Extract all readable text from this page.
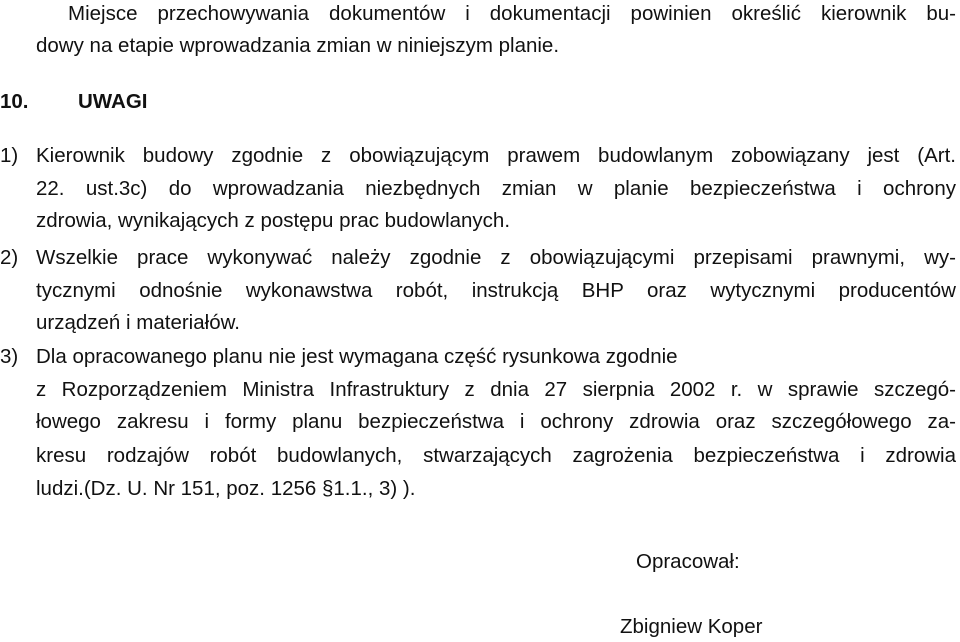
Miejsce przechowywania dokumentów i dokumentacji powinien określić kierownik bu-
dowy na etapie wprowadzania zmian w niniejszym planie.
10. UWAGI
1) Kierownik budowy zgodnie z obowiązującym prawem budowlanym zobowiązany jest (Art.
22. ust.3c) do wprowadzania niezbędnych zmian w planie bezpieczeństwa i ochrony
zdrowia, wynikających z postępu prac budowlanych.
2) Wszelkie prace wykonywać należy zgodnie z obowiązującymi przepisami prawnymi, wy-
tycznymi odnośnie wykonawstwa robót, instrukcją BHP oraz wytycznymi producentów
urządzeń i materiałów.
3) Dla opracowanego planu nie jest wymagana część rysunkowa zgodnie
z Rozporządzeniem Ministra Infrastruktury z dnia 27 sierpnia 2002 r. w sprawie szczegó-
łowego zakresu i formy planu bezpieczeństwa i ochrony zdrowia oraz szczegółowego za-
kresu rodzajów robót budowlanych, stwarzających zagrożenia bezpieczeństwa i zdrowia
ludzi.(Dz. U. Nr 151, poz. 1256 §1.1., 3) ).
Opracował:
Zbigniew Koper
